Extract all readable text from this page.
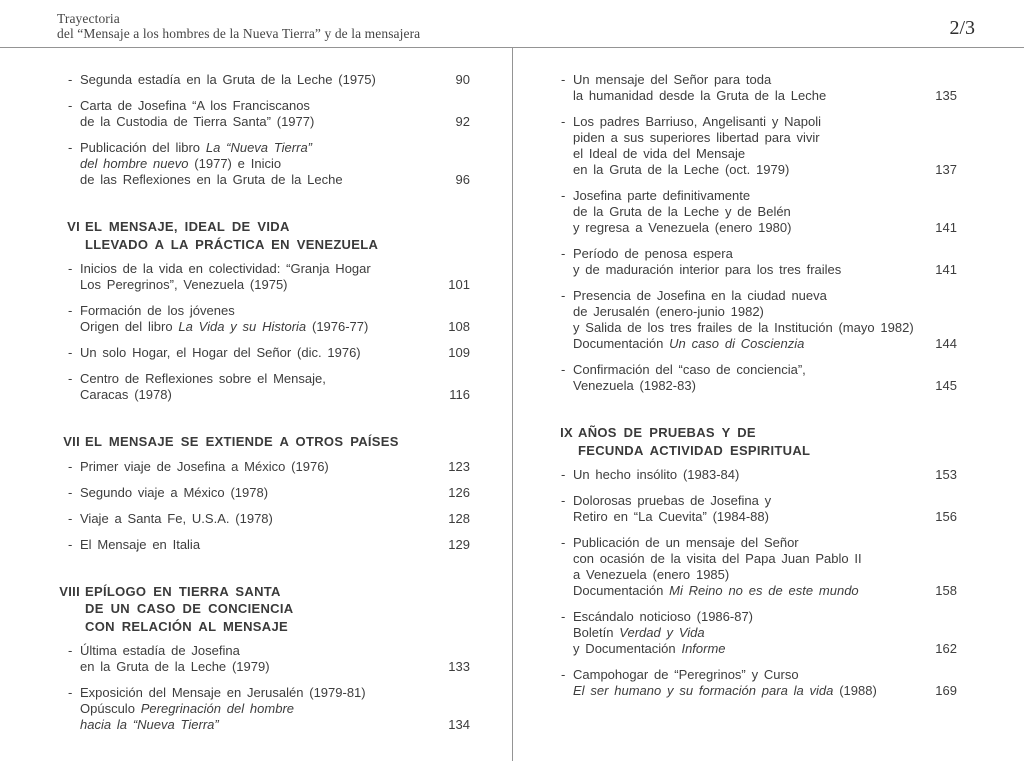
Trayectoria
del “Mensaje a los hombres de la Nueva Tierra” y de la mensajera	2/3
- Segunda estadía en la Gruta de la Leche (1975)	90
- Carta de Josefina “A los Franciscanos
de la Custodia de Tierra Santa” (1977)	92
- Publicación del libro La “Nueva Tierra”
del hombre nuevo (1977) e Inicio
de las Reflexiones en la Gruta de la Leche	96
VI EL MENSAJE, IDEAL DE VIDA
LLEVADO A LA PRÁCTICA EN VENEZUELA
- Inicios de la vida en colectividad: “Granja Hogar
Los Peregrinos”, Venezuela (1975)	101
- Formación de los jóvenes
Origen del libro La Vida y su Historia (1976-77)	108
- Un solo Hogar, el Hogar del Señor (dic. 1976)	109
- Centro de Reflexiones sobre el Mensaje,
Caracas (1978)	116
VII EL MENSAJE SE EXTIENDE A OTROS PAÍSES
- Primer viaje de Josefina a México (1976)	123
- Segundo viaje a México (1978)	126
- Viaje a Santa Fe, U.S.A. (1978)	128
- El Mensaje en Italia	129
VIII EPÍLOGO EN TIERRA SANTA
DE UN CASO DE CONCIENCIA
CON RELACIÓN AL MENSAJE
- Última estadía de Josefina
en la Gruta de la Leche (1979)	133
- Exposición del Mensaje en Jerusalén (1979-81)
Opúsculo Peregrinación del hombre
hacia la “Nueva Tierra”	134
- Un mensaje del Señor para toda
la humanidad desde la Gruta de la Leche	135
- Los padres Barriuso, Angelisanti y Napoli
piden a sus superiores libertad para vivir
el Ideal de vida del Mensaje
en la Gruta de la Leche (oct. 1979)	137
- Josefina parte definitivamente
de la Gruta de la Leche y de Belén
y regresa a Venezuela (enero 1980)	141
- Período de penosa espera
y de maduración interior para los tres frailes	141
- Presencia de Josefina en la ciudad nueva
de Jerusalén (enero-junio 1982)
y Salida de los tres frailes de la Institución (mayo 1982)
Documentación Un caso di Coscienzia	144
- Confirmación del “caso de conciencia”,
Venezuela (1982-83)	145
IX AÑOS DE PRUEBAS Y DE
FECUNDA ACTIVIDAD ESPIRITUAL
- Un hecho insólito (1983-84)	153
- Dolorosas pruebas de Josefina y
Retiro en “La Cuevita” (1984-88)	156
- Publicación de un mensaje del Señor
con ocasión de la visita del Papa Juan Pablo II
a Venezuela (enero 1985)
Documentación Mi Reino no es de este mundo	158
- Escándalo noticioso (1986-87)
Boletín Verdad y Vida
y Documentación Informe	162
- Campohogar de “Peregrinos” y Curso
El ser humano y su formación para la vida (1988)	169
